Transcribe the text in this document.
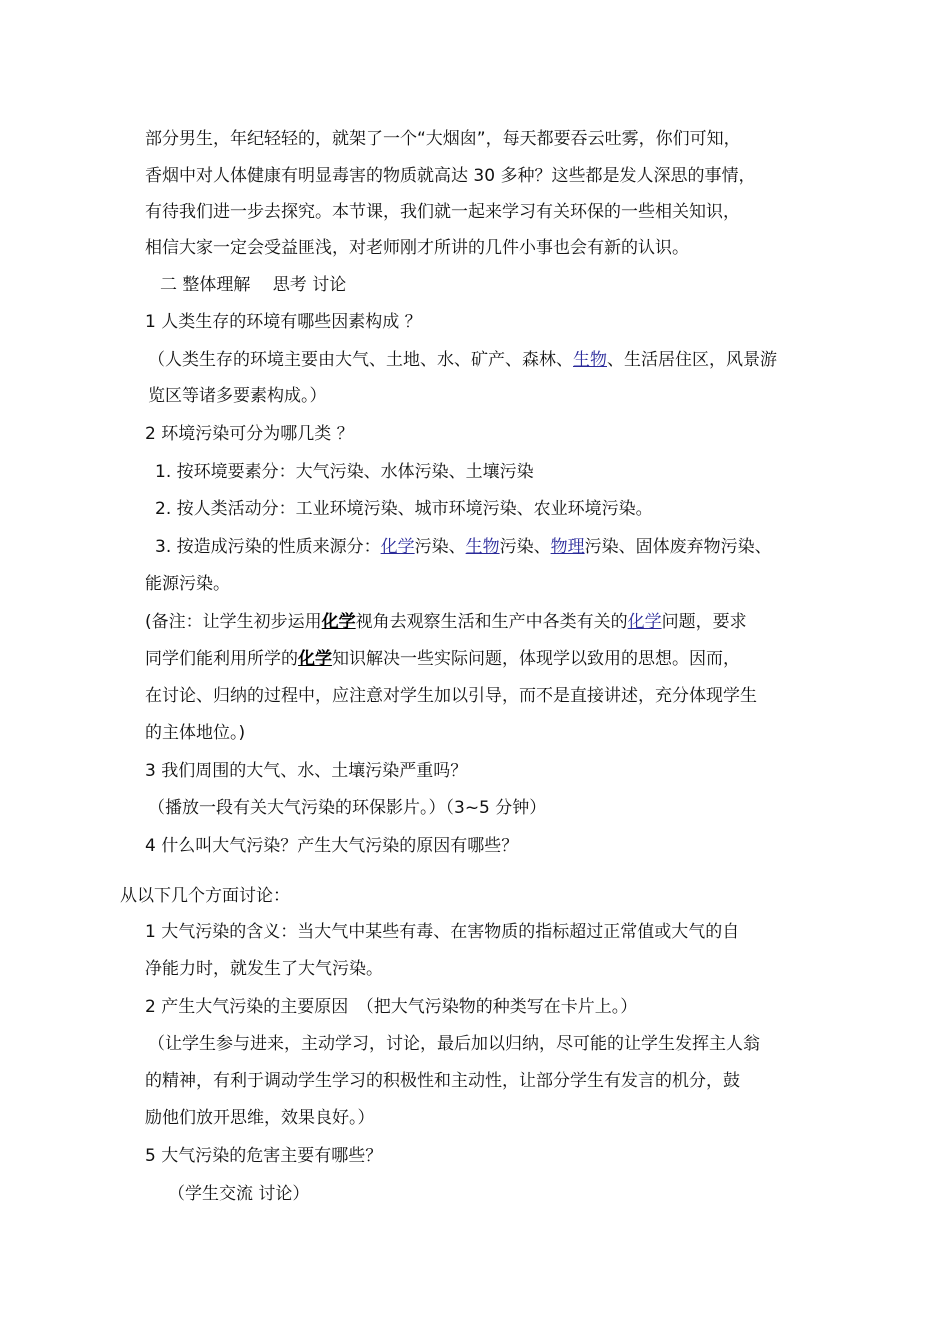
部分男生，年纪轻轻的，就架了一个“大烟囱”，每天都要吞云吐雾，你们可知，
香烟中对人体健康有明显毒害的物质就高达 30 多种？这些都是发人深思的事情，
有待我们进一步去探究。本节课，我们就一起来学习有关环保的一些相关知识，
相信大家一定会受益匪浅，对老师刚才所讲的几件小事也会有新的认识。
二 整体理解　 思考 讨论
1 人类生存的环境有哪些因素构成 ？
（人类生存的环境主要由大气、土地、水、矿产、森林、生物、生活居住区，风景游
览区等诸多要素构成。）
2 环境污染可分为哪几类 ？
1. 按环境要素分：大气污染、水体污染、土壤污染
2. 按人类活动分：工业环境污染、城市环境污染、农业环境污染。
3. 按造成污染的性质来源分：化学污染、生物污染、物理污染、固体废弃物污染、
能源污染。
(备注：让学生初步运用化学视角去观察生活和生产中各类有关的化学问题，要求
同学们能利用所学的化学知识解决一些实际问题，体现学以致用的思想。因而，
在讨论、归纳的过程中，应注意对学生加以引导，而不是直接讲述，充分体现学生
的主体地位。)
3 我们周围的大气、水、土壤污染严重吗？
（播放一段有关大气污染的环保影片。）（3~5 分钟）
4 什么叫大气污染？产生大气污染的原因有哪些？
从以下几个方面讨论：
1 大气污染的含义：当大气中某些有毒、在害物质的指标超过正常值或大气的自
净能力时，就发生了大气污染。
2 产生大气污染的主要原因　（把大气污染物的种类写在卡片上。）
（让学生参与进来，主动学习，讨论，最后加以归纳，尽可能的让学生发挥主人翁
的精神，有利于调动学生学习的积极性和主动性，让部分学生有发言的机分，鼓
励他们放开思维，效果良好。）
5 大气污染的危害主要有哪些？
（学生交流 讨论）
